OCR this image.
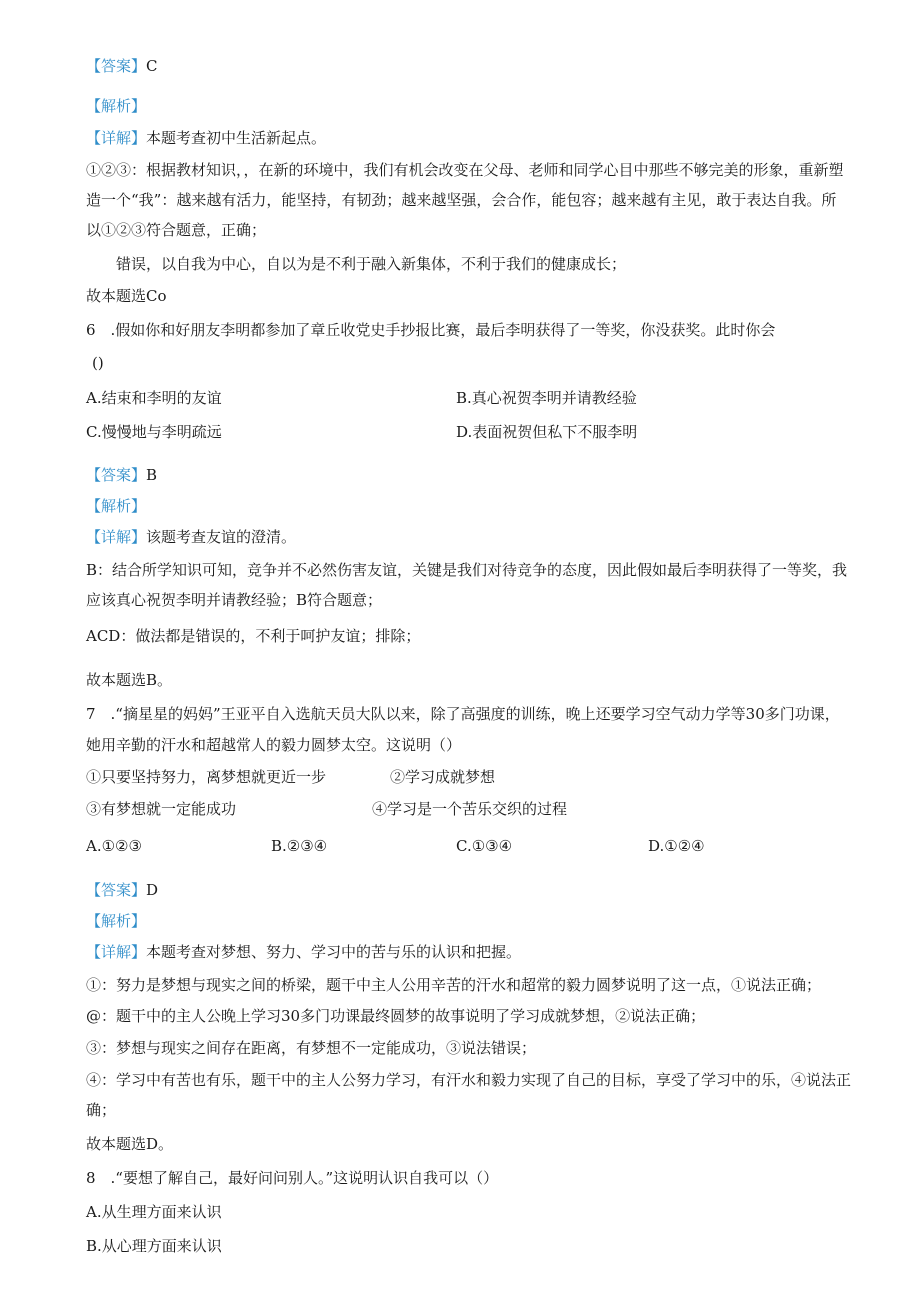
【答案】C
【解析】
【详解】本题考查初中生活新起点。
①②③：根据教材知识，，在新的环境中，我们有机会改变在父母、老师和同学心目中那些不够完美的形象，重新塑
造一个“我”：越来越有活力，能坚持，有韧劲；越来越坚强，会合作，能包容；越来越有主见，敢于表达自我。所
以①②③符合题意，正确；
错误，以自我为中心，自以为是不利于融入新集体，不利于我们的健康成长；
故本题选Co
6　.假如你和好朋友李明都参加了章丘收党史手抄报比赛，最后李明获得了一等奖，你没获奖。此时你会
()
A.结束和李明的友谊	B.真心祝贺李明并请教经验
C.慢慢地与李明疏远	D.表面祝贺但私下不服李明
【答案】B
【解析】
【详解】该题考查友谊的澄清。
B：结合所学知识可知，竞争并不必然伤害友谊，关键是我们对待竞争的态度，因此假如最后李明获得了一等奖，我
应该真心祝贺李明并请教经验；B符合题意；
ACD：做法都是错误的，不利于呵护友谊；排除；
故本题选B。
7　.“摘星星的妈妈”王亚平自入选航天员大队以来，除了高强度的训练，晚上还要学习空气动力学等30多门功课，
她用辛勤的汗水和超越常人的毅力圆梦太空。这说明（）
①只要坚持努力，离梦想就更近一步	②学习成就梦想
③有梦想就一定能成功	④学习是一个苦乐交织的过程
A.①②③	B.②③④	C.①③④	D.①②④
【答案】D
【解析】
【详解】本题考查对梦想、努力、学习中的苦与乐的认识和把握。
①：努力是梦想与现实之间的桥梁，题干中主人公用辛苦的汗水和超常的毅力圆梦说明了这一点，①说法正确；
@：题干中的主人公晚上学习30多门功课最终圆梦的故事说明了学习成就梦想，②说法正确；
③：梦想与现实之间存在距离，有梦想不一定能成功，③说法错误；
④：学习中有苦也有乐，题干中的主人公努力学习，有汗水和毅力实现了自己的目标，享受了学习中的乐，④说法正
确；
故本题选D。
8　.“要想了解自己，最好问问别人。”这说明认识自我可以（）
A.从生理方面来认识
B.从心理方面来认识
